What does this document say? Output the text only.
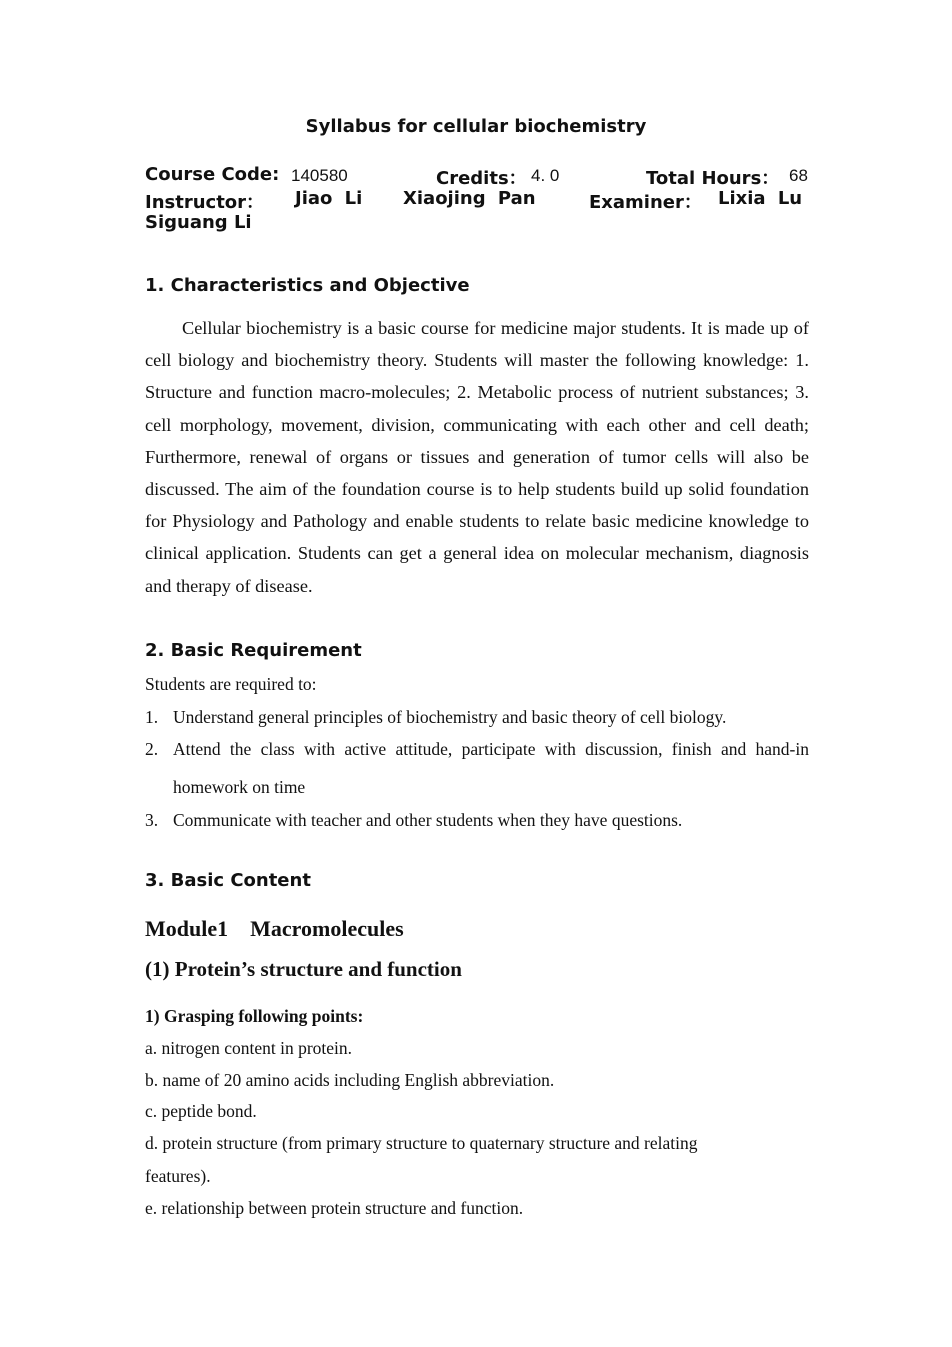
Syllabus for cellular biochemistry
Course Code: 140580	Credits： 4. 0	Total Hours： 68
Instructor： Jiao Li Xiaojing Pan	Examiner： Lixia Lu
Siguang Li
1. Characteristics and Objective

Cellular biochemistry is a basic course for medicine major students. It is made up of cell biology and biochemistry theory. Students will master the following knowledge: 1. Structure and function macro-molecules; 2. Metabolic process of nutrient substances; 3. cell morphology, movement, division, communicating with each other and cell death; Furthermore, renewal of organs or tissues and generation of tumor cells will also be discussed. The aim of the foundation course is to help students build up solid foundation for Physiology and Pathology and enable students to relate basic medicine knowledge to clinical application. Students can get a general idea on molecular mechanism, diagnosis and therapy of disease.

2. Basic Requirement
Students are required to:
1. Understand general principles of biochemistry and basic theory of cell biology.
2. Attend the class with active attitude, participate with discussion, finish and hand-in homework on time
3. Communicate with teacher and other students when they have questions.
3. Basic Content
Module1　Macromolecules
(1) Protein’s structure and function
1) Grasping following points:
a. nitrogen content in protein.
b. name of 20 amino acids including English abbreviation.
c. peptide bond.
d. protein structure (from primary structure to quaternary structure and relating
features).
e. relationship between protein structure and function.
